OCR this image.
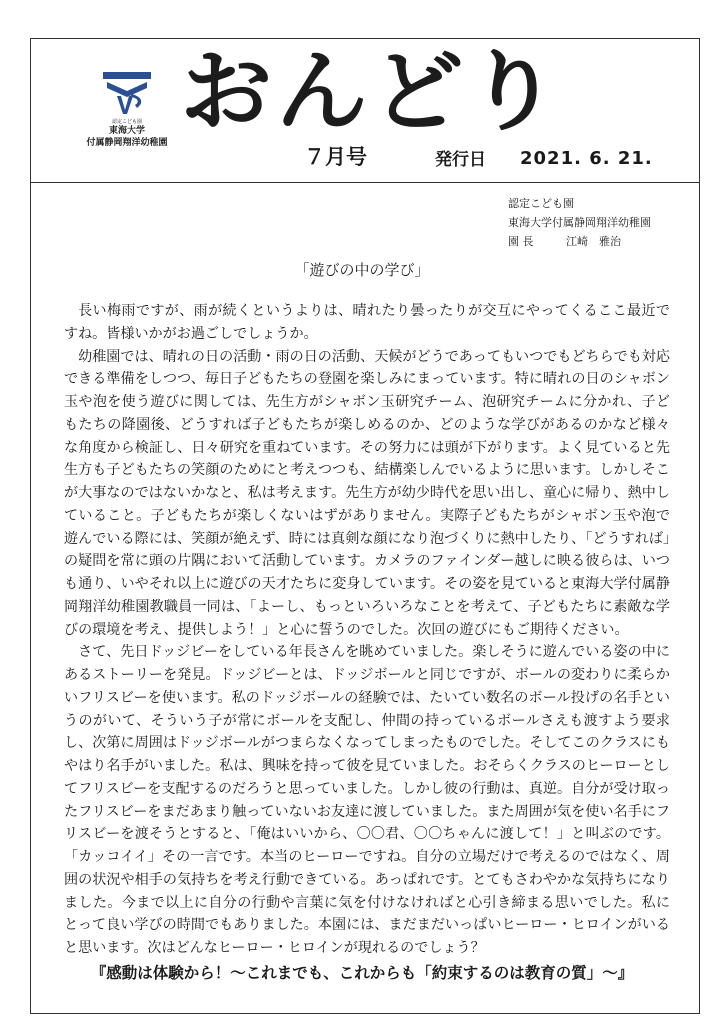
認定こども園
東海大学
付属静岡翔洋幼稚園 おんどり
７月号	発行日 2021. 6. 21.
認定こども園
東海大学付属静岡翔洋幼稚園
園 長	江崎　雅治
「遊びの中の学び」

長い梅雨ですが、雨が続くというよりは、晴れたり曇ったりが交互にやってくるここ最近ですね。皆様いかがお過ごしでしょうか。

幼稚園では、晴れの日の活動・雨の日の活動、天候がどうであってもいつでもどちらでも対応できる準備をしつつ、毎日子どもたちの登園を楽しみにまっています。特に晴れの日のシャボン玉や泡を使う遊びに関しては、先生方がシャボン玉研究チーム、泡研究チームに分かれ、子どもたちの降園後、どうすれば子どもたちが楽しめるのか、どのような学びがあるのかなど様々な角度から検証し、日々研究を重ねています。その努力には頭が下がります。よく見ていると先生方も子どもたちの笑顔のためにと考えつつも、結構楽しんでいるように思います。しかしそこが大事なのではないかなと、私は考えます。先生方が幼少時代を思い出し、童心に帰り、熱中していること。子どもたちが楽しくないはずがありません。実際子どもたちがシャボン玉や泡で遊んでいる際には、笑顔が絶えず、時には真剣な顔になり泡づくりに熱中したり、「どうすれば」の疑問を常に頭の片隅において活動しています。カメラのファインダー越しに映る彼らは、いつも通り、いやそれ以上に遊びの天才たちに変身しています。その姿を見ていると東海大学付属静岡翔洋幼稚園教職員一同は、「よーし、もっといろいろなことを考えて、子どもたちに素敵な学びの環境を考え、提供しよう！」と心に誓うのでした。次回の遊びにもご期待ください。

さて、先日ドッジビーをしている年長さんを眺めていました。楽しそうに遊んでいる姿の中にあるストーリーを発見。ドッジビーとは、ドッジボールと同じですが、ボールの変わりに柔らかいフリスビーを使います。私のドッジボールの経験では、たいてい数名のボール投げの名手というのがいて、そういう子が常にボールを支配し、仲間の持っているボールさえも渡すよう要求し、次第に周囲はドッジボールがつまらなくなってしまったものでした。そしてこのクラスにもやはり名手がいました。私は、興味を持って彼を見ていました。おそらくクラスのヒーローとしてフリスビーを支配するのだろうと思っていました。しかし彼の行動は、真逆。自分が受け取ったフリスビーをまだあまり触っていないお友達に渡していました。また周囲が気を使い名手にフリスビーを渡そうとすると、「俺はいいから、〇〇君、〇〇ちゃんに渡して！」と叫ぶのです。「カッコイイ」その一言です。本当のヒーローですね。自分の立場だけで考えるのではなく、周囲の状況や相手の気持ちを考え行動できている。あっぱれです。とてもさわやかな気持ちになりました。今まで以上に自分の行動や言葉に気を付けなければと心引き締まる思いでした。私にとって良い学びの時間でもありました。本園には、まだまだいっぱいヒーロー・ヒロインがいると思います。次はどんなヒーロー・ヒロインが現れるのでしょう？

『感動は体験から！～これまでも、これからも「約束するのは教育の質」～』
